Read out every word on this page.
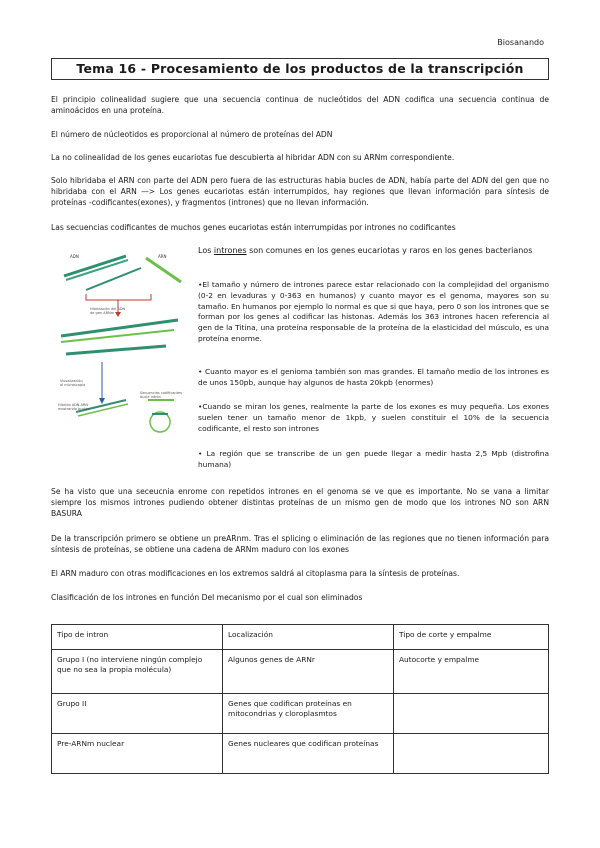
Biosanando
Tema 16 - Procesamiento de los productos de la transcripción

El principio colinealidad sugiere que una secuencia continua de nucleótidos del ADN codifica una secuencia continua de aminoácidos en una proteína.

El número de núcleotidos es proporcional al número de proteínas del ADN

La no colinealidad de los genes eucariotas fue descubierta al hibridar ADN con su ARNm correspondiente.

Solo hibridaba el ARN con parte del ADN pero fuera de las estructuras habia bucles de ADN, había parte del ADN del gen que no hibridaba con el ARN —> Los genes eucariotas están interrumpidos, hay regiones que llevan información para síntesis de proteínas -codificantes(exones), y fragmentos (intrones) que no llevan información.

Las secuencias codificantes de muchos genes eucariotas están interrumpidas por intrones no codificantes

ADN	ARN
Hibridación del ADN
de gen ARNm
Visualización
al microscopio
Híbrido ADN-ARN
mostrando bucles
Secuencias codificantes
bucle intrón
Los intrones son comunes en los genes eucariotas y raros en los genes bacterianos

•El tamaño y número de intrones parece estar relacionado con la complejidad del organismo (0-2 en levaduras y 0-363 en humanos) y cuanto mayor es el genoma, mayores son su tamaño. En humanos por ejemplo lo normal es que si que haya, pero 0 son los intrones que se forman por los genes al codificar las histonas. Además los 363 intrones hacen referencia al gen de la Titina, una proteína responsable de la proteína de la elasticidad del músculo, es una proteína enorme.

• Cuanto mayor es el genioma también son mas grandes. El tamaño medio de los intrones es de unos 150pb, aunque hay algunos de hasta 20kpb (enormes)

•Cuando se miran los genes, realmente la parte de los exones es muy pequeña. Los exones suelen tener un tamaño menor de 1kpb, y suelen constituir el 10% de la secuencia codificante, el resto son intrones

• La región que se transcribe de un gen puede llegar a medir hasta 2,5 Mpb (distrofina humana)

Se ha visto que una seceucnia enrome con repetidos intrones en el genoma se ve que es importante. No se vana a limitar siempre los mismos intrones pudiendo obtener distintas proteínas de un mismo gen de modo que los intrones NO son ARN BASURA

De la transcripción primero se obtiene un preARnm. Tras el splicing o eliminación de las regiones que no tienen información para síntesis de proteínas, se obtiene una cadena de ARNm maduro con los exones

El ARN maduro con otras modificaciones en los extremos saldrá al citoplasma para la síntesis de proteínas.

Clasificación de los intrones en función Del mecanismo por el cual son eliminados

Tipo de intron	Localización	Tipo de corte y empalme
Grupo I (no interviene ningún complejo que no sea la propia molécula)	Algunos genes de ARNr	Autocorte y empalme
Grupo II	Genes que codifican proteínas en mitocondrias y cloroplasmtos	
Pre-ARNm nuclear	Genes nucleares que codifican proteínas	
